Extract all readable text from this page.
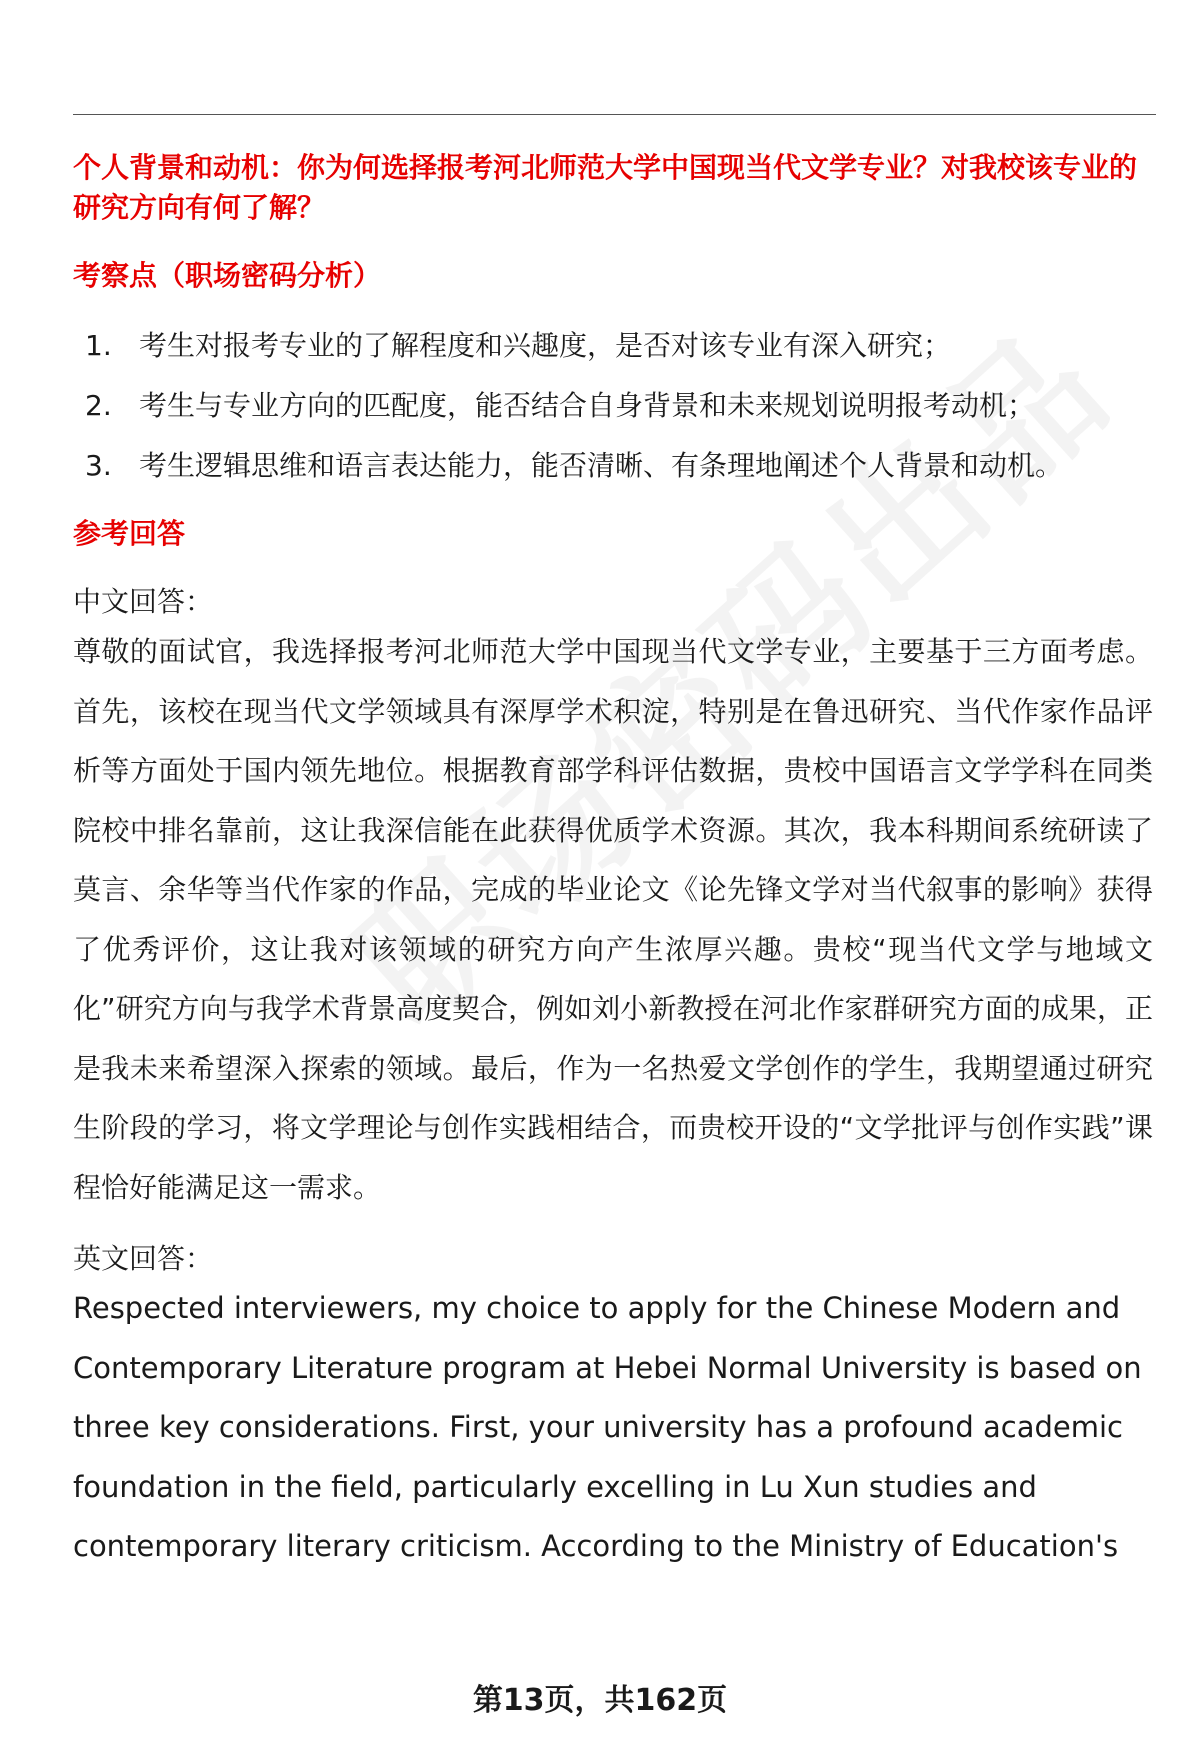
个人背景和动机：你为何选择报考河北师范大学中国现当代文学专业？对我校该专业的研究方向有何了解？

考察点（职场密码分析）
1. 考生对报考专业的了解程度和兴趣度，是否对该专业有深入研究；
2. 考生与专业方向的匹配度，能否结合自身背景和未来规划说明报考动机；
3. 考生逻辑思维和语言表达能力，能否清晰、有条理地阐述个人背景和动机。
参考回答
中文回答：

尊敬的面试官，我选择报考河北师范大学中国现当代文学专业，主要基于三方面考虑。首先，该校在现当代文学领域具有深厚学术积淀，特别是在鲁迅研究、当代作家作品评析等方面处于国内领先地位。根据教育部学科评估数据，贵校中国语言文学学科在同类院校中排名靠前，这让我深信能在此获得优质学术资源。其次，我本科期间系统研读了莫言、余华等当代作家的作品，完成的毕业论文《论先锋文学对当代叙事的影响》获得了优秀评价，这让我对该领域的研究方向产生浓厚兴趣。贵校“现当代文学与地域文化”研究方向与我学术背景高度契合，例如刘小新教授在河北作家群研究方面的成果，正是我未来希望深入探索的领域。最后，作为一名热爱文学创作的学生，我期望通过研究生阶段的学习，将文学理论与创作实践相结合，而贵校开设的“文学批评与创作实践”课程恰好能满足这一需求。

英文回答：

Respected interviewers, my choice to apply for the Chinese Modern and Contemporary Literature program at Hebei Normal University is based on three key considerations. First, your university has a profound academic foundation in the field, particularly excelling in Lu Xun studies and contemporary literary criticism. According to the Ministry of Education's

第13页，共162页
